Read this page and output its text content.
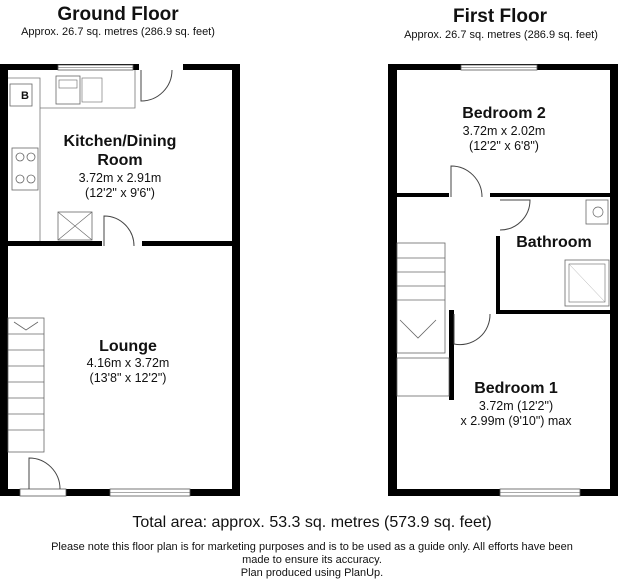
Ground Floor
Approx. 26.7 sq. metres (286.9 sq. feet)
First Floor
Approx. 26.7 sq. metres (286.9 sq. feet)
B
Kitchen/Dining
Room
3.72m x 2.91m
(12'2" x 9'6")
Lounge
4.16m x 3.72m
(13'8" x 12'2")
Bedroom 2
3.72m x 2.02m
(12'2" x 6'8")
Bathroom
Bedroom 1
3.72m (12'2")
x 2.99m (9'10") max
Total area: approx. 53.3 sq. metres (573.9 sq. feet)
Please note this floor plan is for marketing purposes and is to be used as a guide only. All efforts have been
made to ensure its accuracy.
Plan produced using PlanUp.
